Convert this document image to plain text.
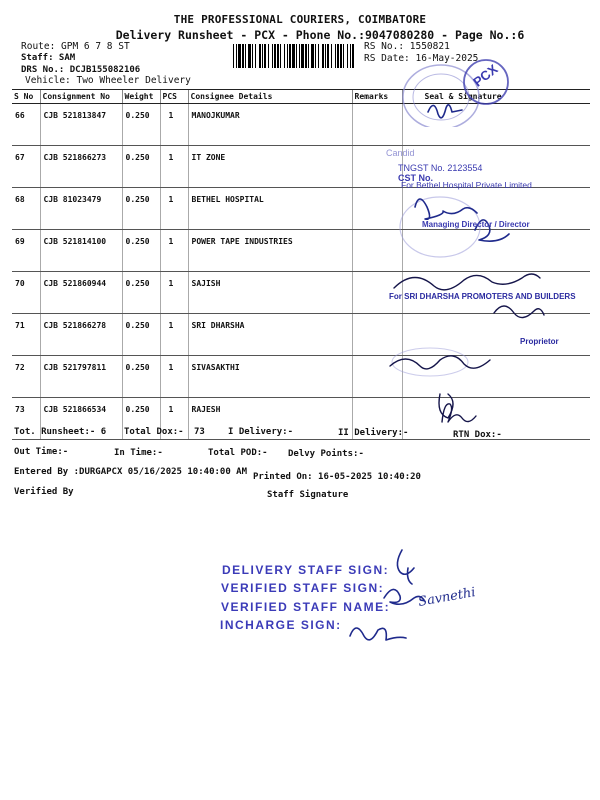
THE PROFESSIONAL COURIERS, COIMBATORE
Delivery Runsheet - PCX - Phone No.:9047080280 - Page No.:6
Route: GPM 6 7 8 ST
Staff: SAM
DRS No.: DCJB155082106
Vehicle: Two Wheeler Delivery
RS No.: 1550821
RS Date: 16-May-2025
S No	Consignment No	Weight	PCS	Consignee Details	Remarks	Seal & Signature
66	CJB 521813847	0.250	1	MANOJKUMAR		
67	CJB 521866273	0.250	1	IT ZONE		
68	CJB 81023479	0.250	1	BETHEL HOSPITAL		
69	CJB 521814100	0.250	1	POWER TAPE INDUSTRIES		
70	CJB 521860944	0.250	1	SAJISH		
71	CJB 521866278	0.250	1	SRI DHARSHA		
72	CJB 521797811	0.250	1	SIVASAKTHI		
73	CJB 521866534	0.250	1	RAJESH		
PCX
Candid
TNGST No. 2123554
CST No.
For Bethel Hospital Private Limited
Managing Director / Director
For SRI DHARSHA PROMOTERS AND BUILDERS
Proprietor
Tot. Runsheet:- 6 Total Dox:- 73	I Delivery:-	II Delivery:-	RTN Dox:-
Out Time:-	In Time:-	Total POD:- Delvy Points:-
Entered By :DURGAPCX 05/16/2025 10:40:00 AM Printed On: 16-05-2025 10:40:20
Verified By	Staff Signature
DELIVERY STAFF SIGN:
VERIFIED STAFF SIGN:
VERIFIED STAFF NAME:
INCHARGE SIGN:
Savnethi
